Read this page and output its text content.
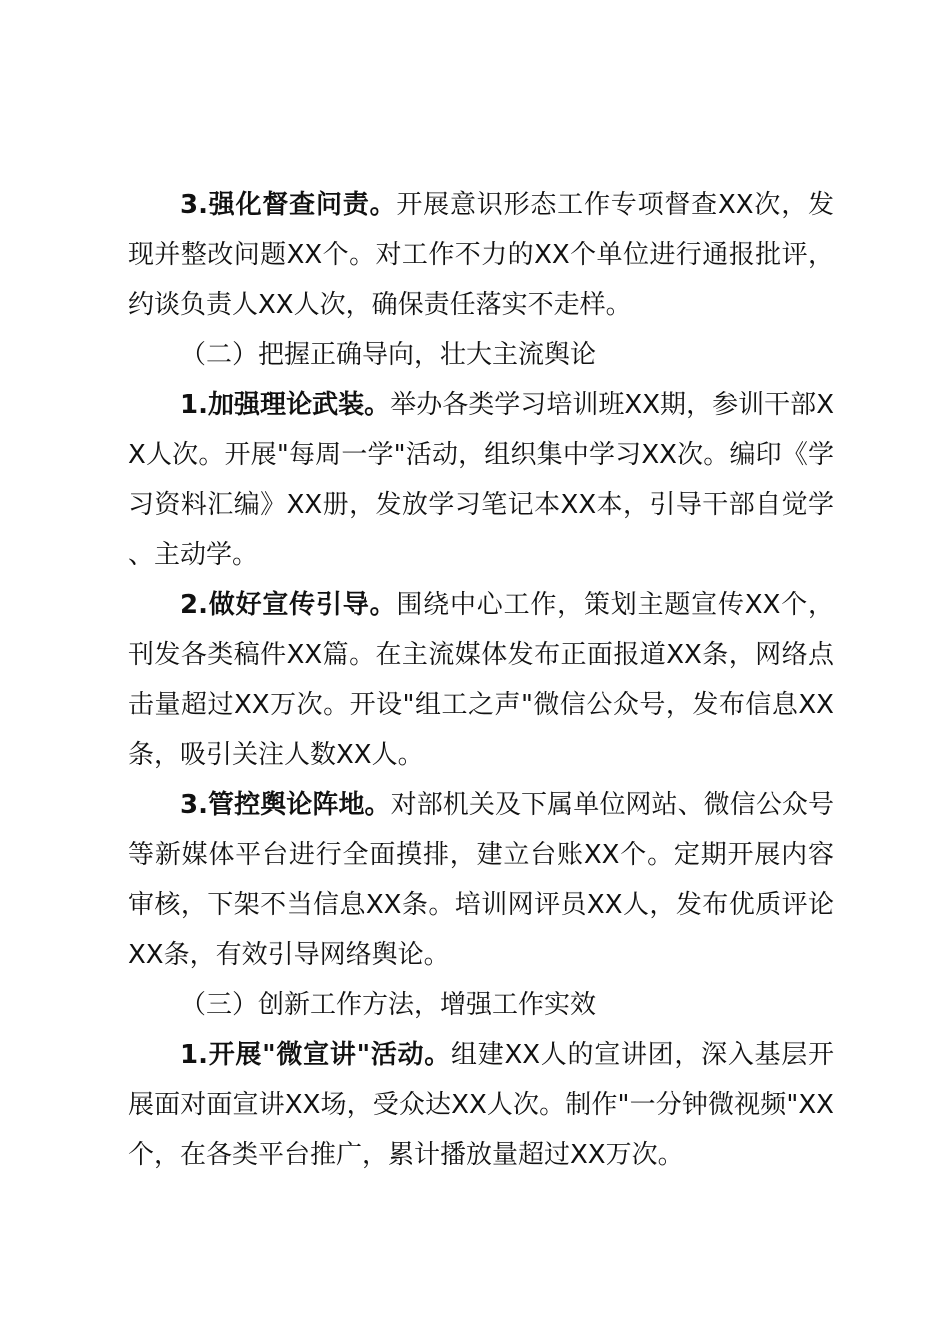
3.强化督查问责。开展意识形态工作专项督查XX次，发现并整改问题XX个。对工作不力的XX个单位进行通报批评，约谈负责人XX人次，确保责任落实不走样。

（二）把握正确导向，壮大主流舆论

1.加强理论武装。举办各类学习培训班XX期，参训干部XX人次。开展"每周一学"活动，组织集中学习XX次。编印《学习资料汇编》XX册，发放学习笔记本XX本，引导干部自觉学、主动学。

2.做好宣传引导。围绕中心工作，策划主题宣传XX个，刊发各类稿件XX篇。在主流媒体发布正面报道XX条，网络点击量超过XX万次。开设"组工之声"微信公众号，发布信息XX条，吸引关注人数XX人。

3.管控舆论阵地。对部机关及下属单位网站、微信公众号等新媒体平台进行全面摸排，建立台账XX个。定期开展内容审核，下架不当信息XX条。培训网评员XX人，发布优质评论XX条，有效引导网络舆论。

（三）创新工作方法，增强工作实效

1.开展"微宣讲"活动。组建XX人的宣讲团，深入基层开展面对面宣讲XX场，受众达XX人次。制作"一分钟微视频"XX个，在各类平台推广，累计播放量超过XX万次。
